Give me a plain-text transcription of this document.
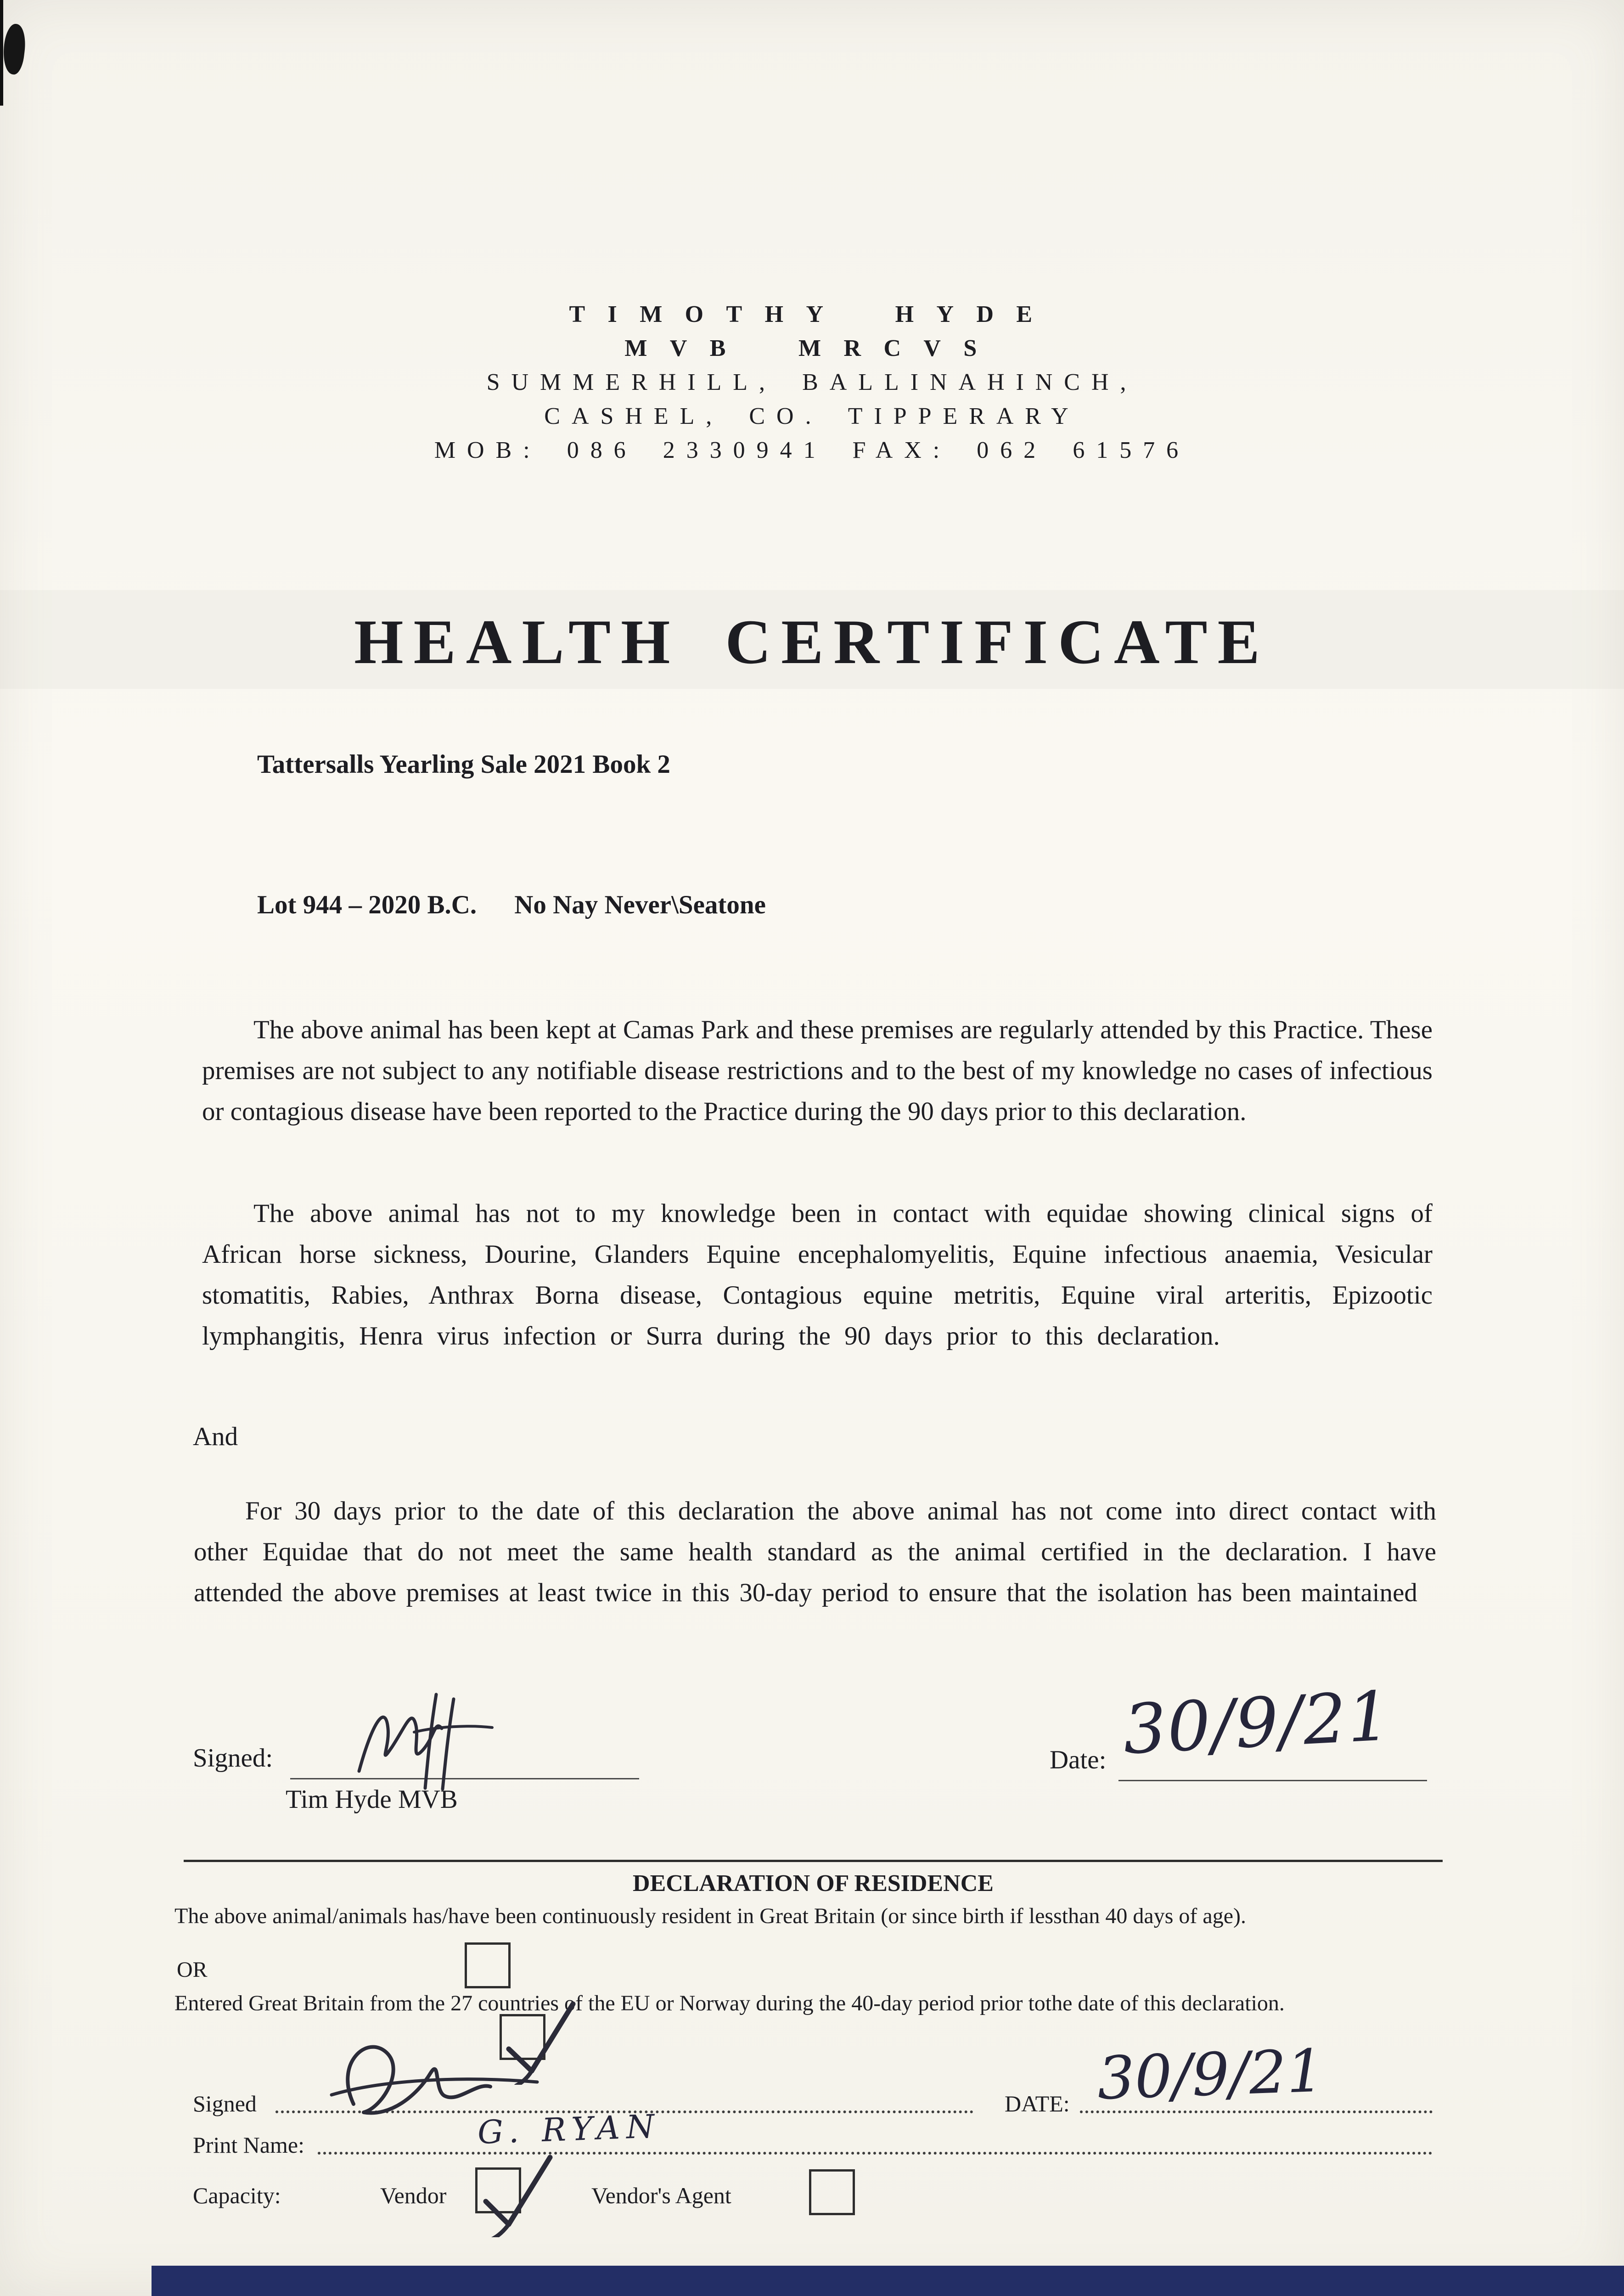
TIMOTHY HYDE
MVB MRCVS
SUMMERHILL, BALLINAHINCH,
CASHEL, CO. TIPPERARY
MOB: 086 2330941 FAX: 062 61576
HEALTH CERTIFICATE
Tattersalls Yearling Sale 2021 Book 2
Lot 944 – 2020 B.C. No Nay Never\Seatone

The above animal has been kept at Camas Park and these premises are regularly attended by this Practice. These premises are not subject to any notifiable disease restrictions and to the best of my knowledge no cases of infectious or contagious disease have been reported to the Practice during the 90 days prior to this declaration.

The above animal has not to my knowledge been in contact with equidae showing clinical signs of African horse sickness, Dourine, Glanders Equine encephalomyelitis, Equine infectious anaemia, Vesicular stomatitis, Rabies, Anthrax Borna disease, Contagious equine metritis, Equine viral arteritis, Epizootic lymphangitis, Henra virus infection or Surra during the 90 days prior to this declaration.

And

For 30 days prior to the date of this declaration the above animal has not come into direct contact with other Equidae that do not meet the same health standard as the animal certified in the declaration. I have attended the above premises at least twice in this 30-day period to ensure that the isolation has been maintained

Signed:
Tim Hyde MVB
Date: 30/9/21
DECLARATION OF RESIDENCE

The above animal/animals has/have been continuously resident in Great Britain (or since birth if lessthan 40 days of age).

OR

Entered Great Britain from the 27 countries of the EU or Norway during the 40-day period prior tothe date of this declaration.

Signed	DATE: 30/9/21
Print Name:	G. RYAN
Capacity:	Vendor	Vendor's Agent
